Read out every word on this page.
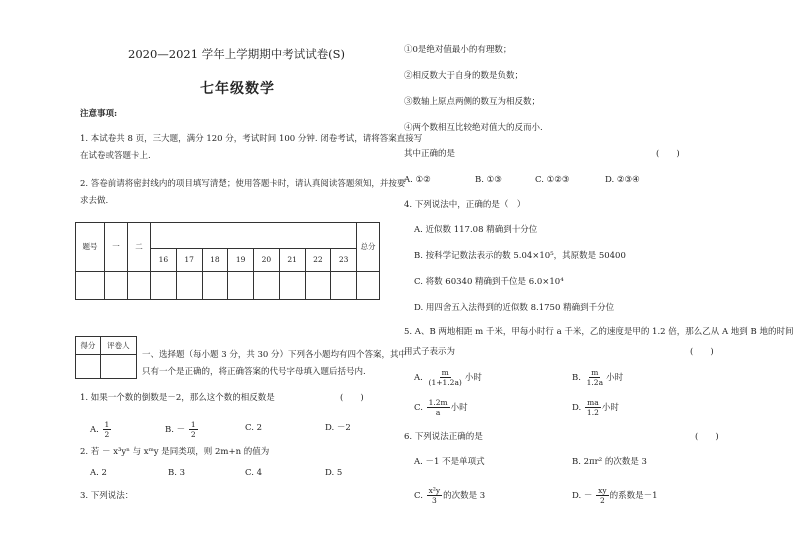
2020—2021 学年上学期期中考试试卷(S)
七年级数学
注意事项:
1. 本试卷共 8 页，三大题，满分 120 分，考试时间 100 分钟. 闭卷考试，请将答案直接写
在试卷或答题卡上.
2. 答卷前请将密封线内的项目填写清楚；使用答题卡时，请认真阅读答题须知，并按要
求去做.
题号	一	二									总分
			16	17	18	19	20	21	22	23	

得分	评卷人

一、选择题（每小题 3 分，共 30 分）下列各小题均有四个答案，其中
只有一个是正确的，将正确答案的代号字母填入题后括号内.
1. 如果一个数的倒数是－2，那么这个数的相反数是	(　　)
A. $\frac{1}{2}$	B. － $\frac{1}{2}$	C. 2	D. －2
2. 若 － x³yⁿ 与 xᵐy 是同类项，则 2m+n 的值为
A. 2	B. 3	C. 4	D. 5
3. 下列说法：
①0是绝对值最小的有理数；
②相反数大于自身的数是负数；
③数轴上原点两侧的数互为相反数；
④两个数相互比较绝对值大的反而小.
其中正确的是	(　　)
A. ①②	B. ①③	C. ①②③	D. ②③④
4. 下列说法中，正确的是（　）
A. 近似数 117.08 精确到十分位
B. 按科学记数法表示的数 5.04×10⁵，其原数是 50400
C. 将数 60340 精确到千位是 6.0×10⁴
D. 用四舍五入法得到的近似数 8.1750 精确到千分位
5. A、B 两地相距 m 千米，甲每小时行 a 千米，乙的速度是甲的 1.2 倍，那么乙从 A 地到 B 地的时间
用式子表示为	(　　)
A. $\frac{m}{(1+1.2a)}$ 小时	B. $\frac{m}{1.2a}$ 小时
C. $\frac{1.2m}{a}$ 小时	D. $\frac{ma}{1.2}$ 小时
6. 下列说法正确的是	(　　)
A. －1 不是单项式	B. 2πr² 的次数是 3
C. $\frac{\text{x²y}}{3}$ 的次数是 3	D. － $\frac{xy}{2}$ 的系数是－1
